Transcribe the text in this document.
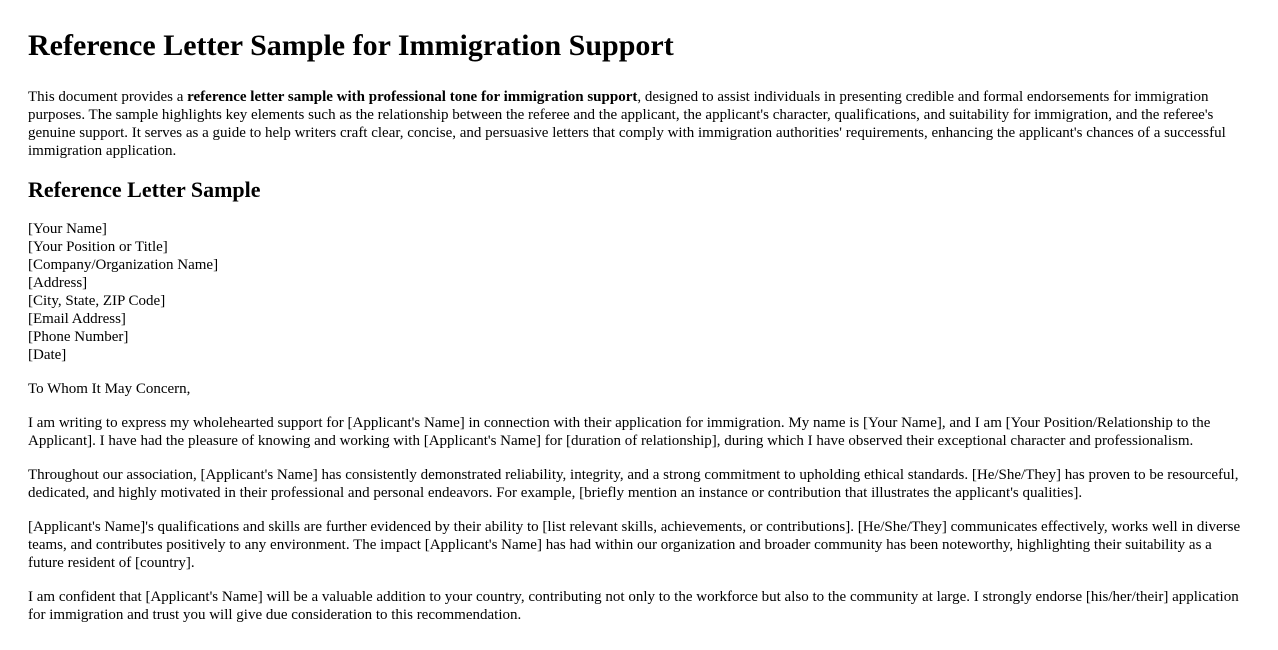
Reference Letter Sample for Immigration Support

This document provides a reference letter sample with professional tone for immigration support, designed to assist individuals in presenting credible and formal endorsements for immigration purposes. The sample highlights key elements such as the relationship between the referee and the applicant, the applicant's character, qualifications, and suitability for immigration, and the referee's genuine support. It serves as a guide to help writers craft clear, concise, and persuasive letters that comply with immigration authorities' requirements, enhancing the applicant's chances of a successful immigration application.

Reference Letter Sample

[Your Name]

[Your Position or Title]

[Company/Organization Name]

[Address]

[City, State, ZIP Code]

[Email Address]

[Phone Number]

[Date]

To Whom It May Concern,

I am writing to express my wholehearted support for [Applicant's Name] in connection with their application for immigration. My name is [Your Name], and I am [Your Position/Relationship to the Applicant]. I have had the pleasure of knowing and working with [Applicant's Name] for [duration of relationship], during which I have observed their exceptional character and professionalism.

Throughout our association, [Applicant's Name] has consistently demonstrated reliability, integrity, and a strong commitment to upholding ethical standards. [He/She/They] has proven to be resourceful, dedicated, and highly motivated in their professional and personal endeavors. For example, [briefly mention an instance or contribution that illustrates the applicant's qualities].

[Applicant's Name]'s qualifications and skills are further evidenced by their ability to [list relevant skills, achievements, or contributions]. [He/She/They] communicates effectively, works well in diverse teams, and contributes positively to any environment. The impact [Applicant's Name] has had within our organization and broader community has been noteworthy, highlighting their suitability as a future resident of [country].

I am confident that [Applicant's Name] will be a valuable addition to your country, contributing not only to the workforce but also to the community at large. I strongly endorse [his/her/their] application for immigration and trust you will give due consideration to this recommendation.
